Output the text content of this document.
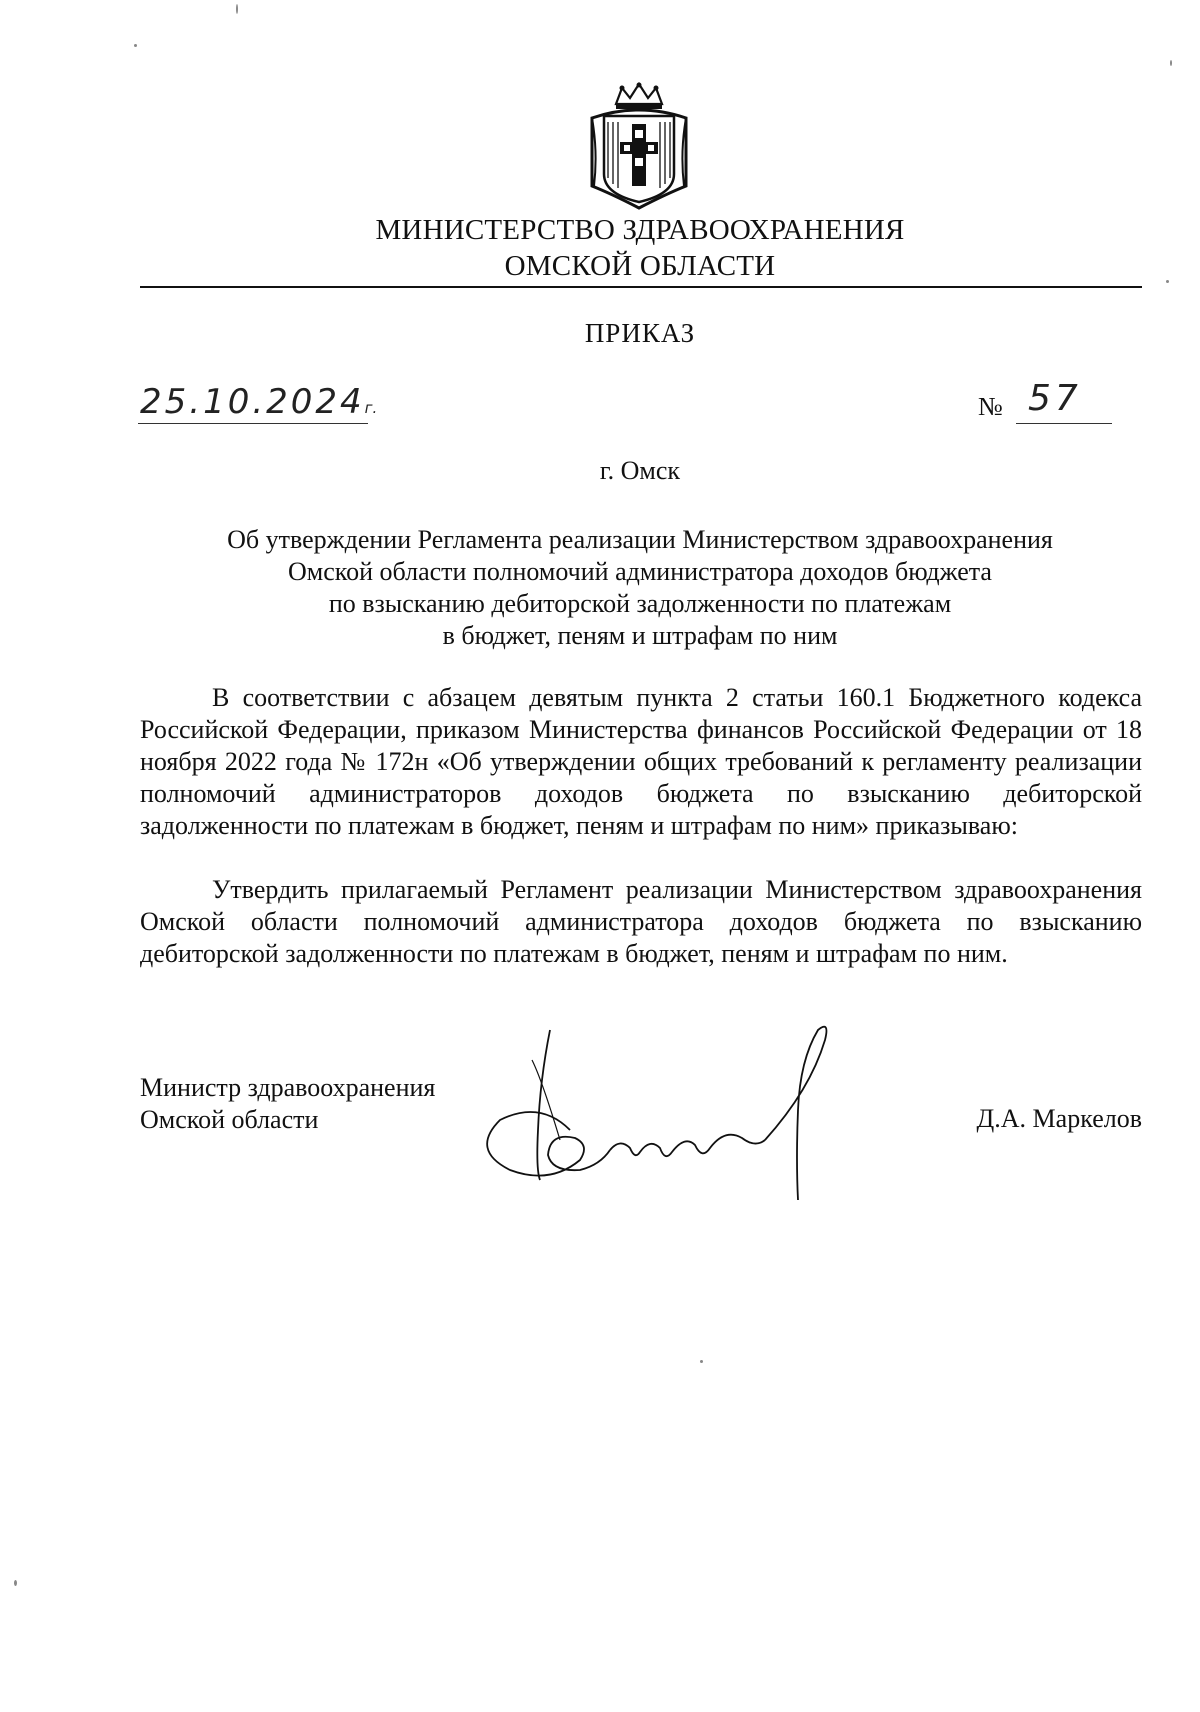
МИНИСТЕРСТВО ЗДРАВООХРАНЕНИЯ
ОМСКОЙ ОБЛАСТИ
ПРИКАЗ
25.10.2024г.	№ 57
г. Омск
Об утверждении Регламента реализации Министерством здравоохранения
Омской области полномочий администратора доходов бюджета
по взысканию дебиторской задолженности по платежам
в бюджет, пеням и штрафам по ним

В соответствии с абзацем девятым пункта 2 статьи 160.1 Бюджетного кодекса Российской Федерации, приказом Министерства финансов Российской Федерации от 18 ноября 2022 года № 172н «Об утверждении общих требований к регламенту реализации полномочий администраторов доходов бюджета по взысканию дебиторской задолженности по платежам в бюджет, пеням и штрафам по ним» приказываю:

Утвердить прилагаемый Регламент реализации Министерством здравоохранения Омской области полномочий администратора доходов бюджета по взысканию дебиторской задолженности по платежам в бюджет, пеням и штрафам по ним.

Министр здравоохранения
Омской области	Д.А. Маркелов
